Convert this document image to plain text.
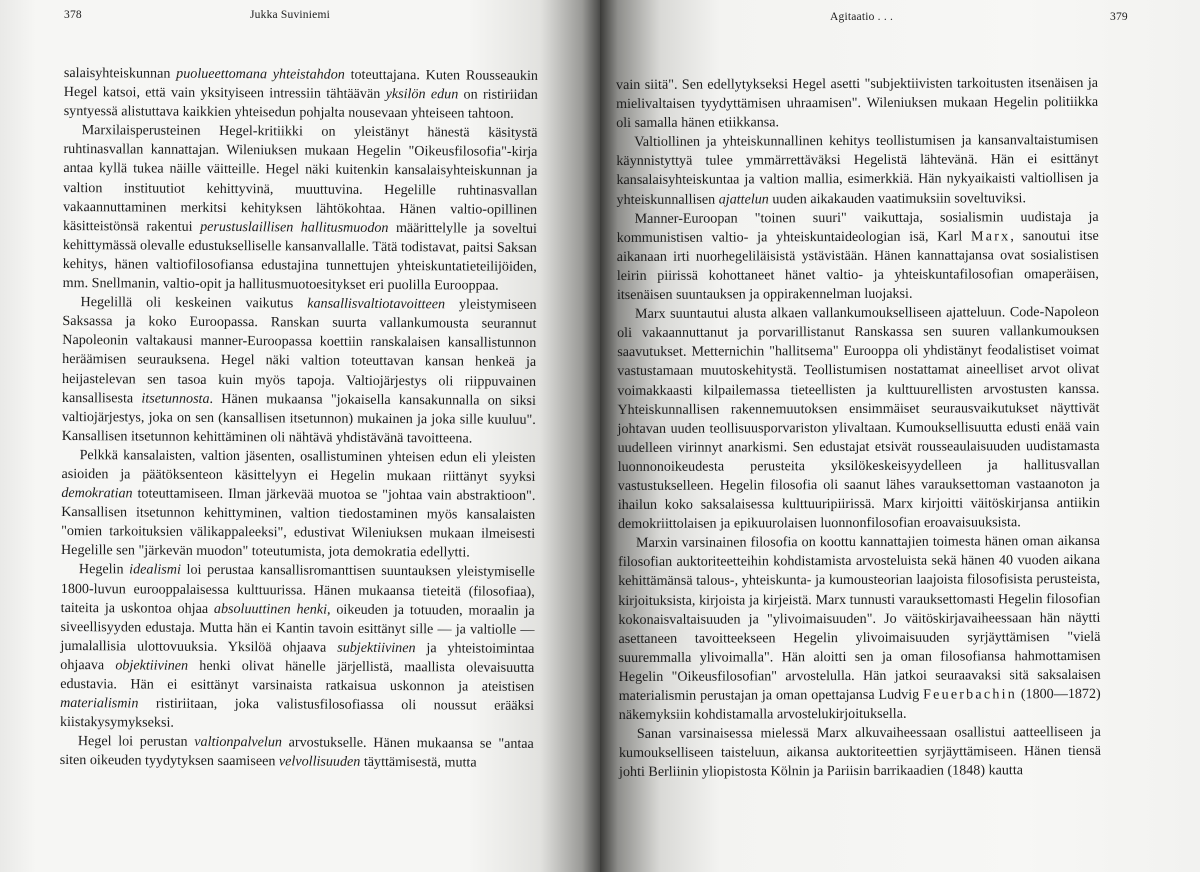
378	Jukka Suviniemi

salaisyhteiskunnan puolueettomana yhteistahdon toteuttajana. Kuten Rousseaukin Hegel katsoi, että vain yksityiseen intressiin tähtäävän yksilön edun on ristiriidan syntyessä alistuttava kaikkien yhteisedun pohjalta nousevaan yhteiseen tahtoon.

Marxilaisperusteinen Hegel-kritiikki on yleistänyt hänestä käsitystä ruhtinasvallan kannattajan. Wileniuksen mukaan Hegelin "Oikeusfilosofia"-kirja antaa kyllä tukea näille väitteille. Hegel näki kuitenkin kansalaisyhteiskunnan ja valtion instituutiot kehittyvinä, muuttuvina. Hegelille ruhtinasvallan vakaannuttaminen merkitsi kehityksen lähtökohtaa. Hänen valtio-opillinen käsitteistönsä rakentui perustuslaillisen hallitusmuodon määrittelylle ja soveltui kehittymässä olevalle edustukselliselle kansanvallalle. Tätä todistavat, paitsi Saksan kehitys, hänen valtiofilosofiansa edustajina tunnettujen yhteiskuntatieteilijöiden, mm. Snellmanin, valtio-opit ja hallitusmuotoesitykset eri puolilla Eurooppaa.

Hegelillä oli keskeinen vaikutus kansallisvaltiotavoitteen yleistymiseen Saksassa ja koko Euroopassa. Ranskan suurta vallankumousta seurannut Napoleonin valtakausi manner-Euroopassa koettiin ranskalaisen kansallistunnon heräämisen seurauksena. Hegel näki valtion toteuttavan kansan henkeä ja heijastelevan sen tasoa kuin myös tapoja. Valtiojärjestys oli riippuvainen kansallisesta itsetunnosta. Hänen mukaansa "jokaisella kansakunnalla on siksi valtiojärjestys, joka on sen (kansallisen itsetunnon) mukainen ja joka sille kuuluu". Kansallisen itsetunnon kehittäminen oli nähtävä yhdistävänä tavoitteena.

Pelkkä kansalaisten, valtion jäsenten, osallistuminen yhteisen edun eli yleisten asioiden ja päätöksenteon käsittelyyn ei Hegelin mukaan riittänyt syyksi demokratian toteuttamiseen. Ilman järkevää muotoa se "johtaa vain abstraktioon". Kansallisen itsetunnon kehittyminen, valtion tiedostaminen myös kansalaisten "omien tarkoituksien välikappaleeksi", edustivat Wileniuksen mukaan ilmeisesti Hegelille sen "järkevän muodon" toteutumista, jota demokratia edellytti.

Hegelin idealismi loi perustaa kansallisromanttisen suuntauksen yleistymiselle 1800-luvun eurooppalaisessa kulttuurissa. Hänen mukaansa tieteitä (filosofiaa), taiteita ja uskontoa ohjaa absoluuttinen henki, oikeuden ja totuuden, moraalin ja siveellisyyden edustaja. Mutta hän ei Kantin tavoin esittänyt sille — ja valtiolle — jumalallisia ulottovuuksia. Yksilöä ohjaava subjektiivinen ja yhteistoimintaa ohjaava objektiivinen henki olivat hänelle järjellistä, maallista olevaisuutta edustavia. Hän ei esittänyt varsinaista ratkaisua uskonnon ja ateistisen materialismin ristiriitaan, joka valistusfilosofiassa oli noussut erääksi kiistakysymykseksi.

Hegel loi perustan valtionpalvelun arvostukselle. Hänen mukaansa se "antaa siten oikeuden tyydytyksen saamiseen velvollisuuden täyttämisestä, mutta

Agitaatio . . .	379

vain siitä". Sen edellytykseksi Hegel asetti "subjektiivisten tarkoitusten itsenäisen ja mielivaltaisen tyydyttämisen uhraamisen". Wileniuksen mukaan Hegelin politiikka oli samalla hänen etiikkansa.

Valtiollinen ja yhteiskunnallinen kehitys teollistumisen ja kansanvaltaistumisen käynnistyttyä tulee ymmärrettäväksi Hegelistä lähtevänä. Hän ei esittänyt kansalaisyhteiskuntaa ja valtion mallia, esimerkkiä. Hän nykyaikaisti valtiollisen ja yhteiskunnallisen ajattelun uuden aikakauden vaatimuksiin soveltuviksi.

Manner-Euroopan "toinen suuri" vaikuttaja, sosialismin uudistaja ja kommunistisen valtio- ja yhteiskuntaideologian isä, Karl Marx, sanoutui itse aikanaan irti nuorhegeliläisistä ystävistään. Hänen kannattajansa ovat sosialistisen leirin piirissä kohottaneet hänet valtio- ja yhteiskuntafilosofian omaperäisen, itsenäisen suuntauksen ja oppirakennelman luojaksi.

Marx suuntautui alusta alkaen vallankumoukselliseen ajatteluun. Code-Napoleon oli vakaannuttanut ja porvarillistanut Ranskassa sen suuren vallankumouksen saavutukset. Metternichin "hallitsema" Eurooppa oli yhdistänyt feodalistiset voimat vastustamaan muutoskehitystä. Teollistumisen nostattamat aineelliset arvot olivat voimakkaasti kilpailemassa tieteellisten ja kulttuurellisten arvostusten kanssa. Yhteiskunnallisen rakennemuutoksen ensimmäiset seurausvaikutukset näyttivät johtavan uuden teollisuusporvariston ylivaltaan. Kumouksellisuutta edusti enää vain uudelleen virinnyt anarkismi. Sen edustajat etsivät rousseaulaisuuden uudistamasta luonnonoikeudesta perusteita yksilökeskeisyydelleen ja hallitusvallan vastustukselleen. Hegelin filosofia oli saanut lähes varauksettoman vastaanoton ja ihailun koko saksalaisessa kulttuuripiirissä. Marx kirjoitti väitöskirjansa antiikin demokriittolaisen ja epikuurolaisen luonnonfilosofian eroavaisuuksista.

Marxin varsinainen filosofia on koottu kannattajien toimesta hänen oman aikansa filosofian auktoriteetteihin kohdistamista arvosteluista sekä hänen 40 vuoden aikana kehittämänsä talous-, yhteiskunta- ja kumousteorian laajoista filosofisista perusteista, kirjoituksista, kirjoista ja kirjeistä. Marx tunnusti varauksettomasti Hegelin filosofian kokonaisvaltaisuuden ja "ylivoimaisuuden". Jo väitöskirjavaiheessaan hän näytti asettaneen tavoitteekseen Hegelin ylivoimaisuuden syrjäyttämisen "vielä suuremmalla ylivoimalla". Hän aloitti sen ja oman filosofiansa hahmottamisen Hegelin "Oikeusfilosofian" arvostelulla. Hän jatkoi seuraavaksi sitä saksalaisen materialismin perustajan ja oman opettajansa Ludvig Feuerbachin (1800—1872) näkemyksiin kohdistamalla arvostelukirjoituksella.

Sanan varsinaisessa mielessä Marx alkuvaiheessaan osallistui aatteelliseen ja kumoukselliseen taisteluun, aikansa auktoriteettien syrjäyttämiseen. Hänen tiensä johti Berliinin yliopistosta Kölnin ja Pariisin barrikaadien (1848) kautta
